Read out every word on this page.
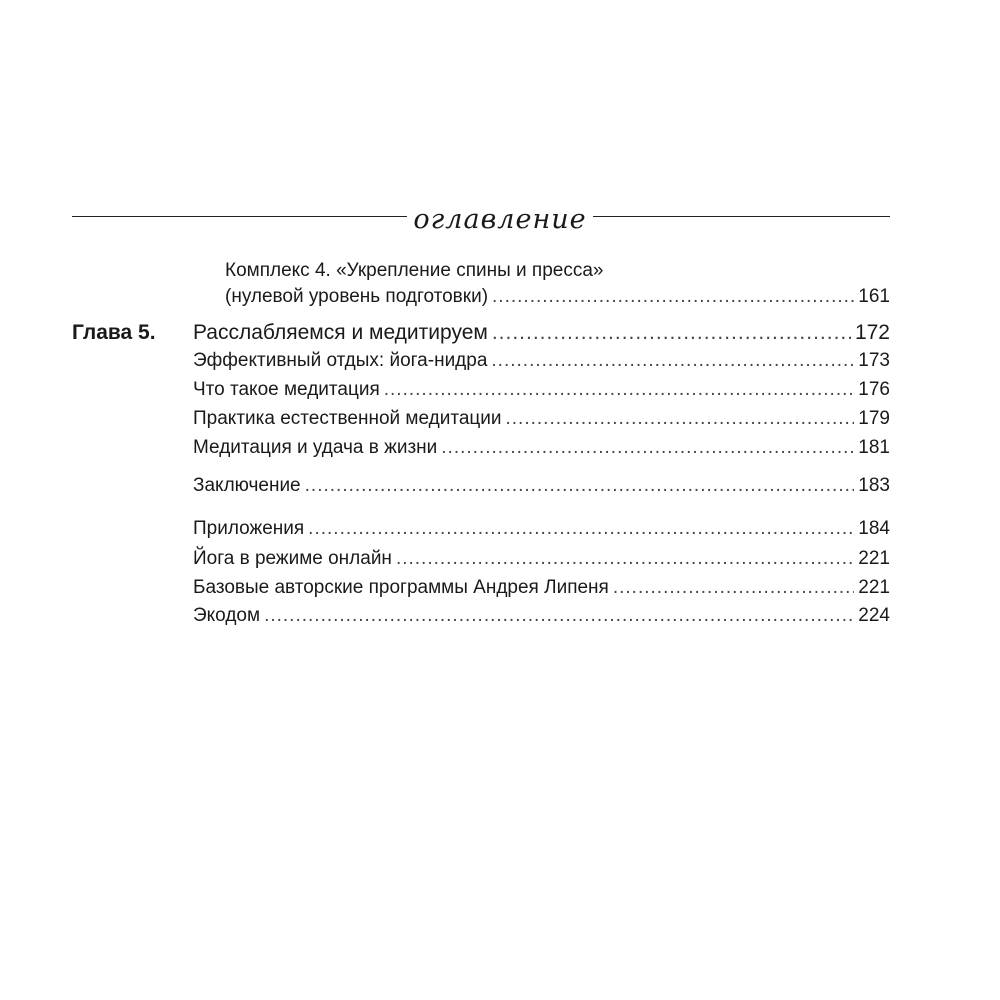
оглавление
Комплекс 4. «Укрепление спины и пресса»
(нулевой уровень подготовки) .....	161
Глава 5. Расслабляемся и медитируем .....	172
Эффективный отдых: йога-нидра .....	173
Что такое медитация .....	176
Практика естественной медитации .....	179
Медитация и удача в жизни .....	181
Заключение .....	183
Приложения .....	184
Йога в режиме онлайн .....	221
Базовые авторские программы Андрея Липеня .....	221
Экодом .....	224
